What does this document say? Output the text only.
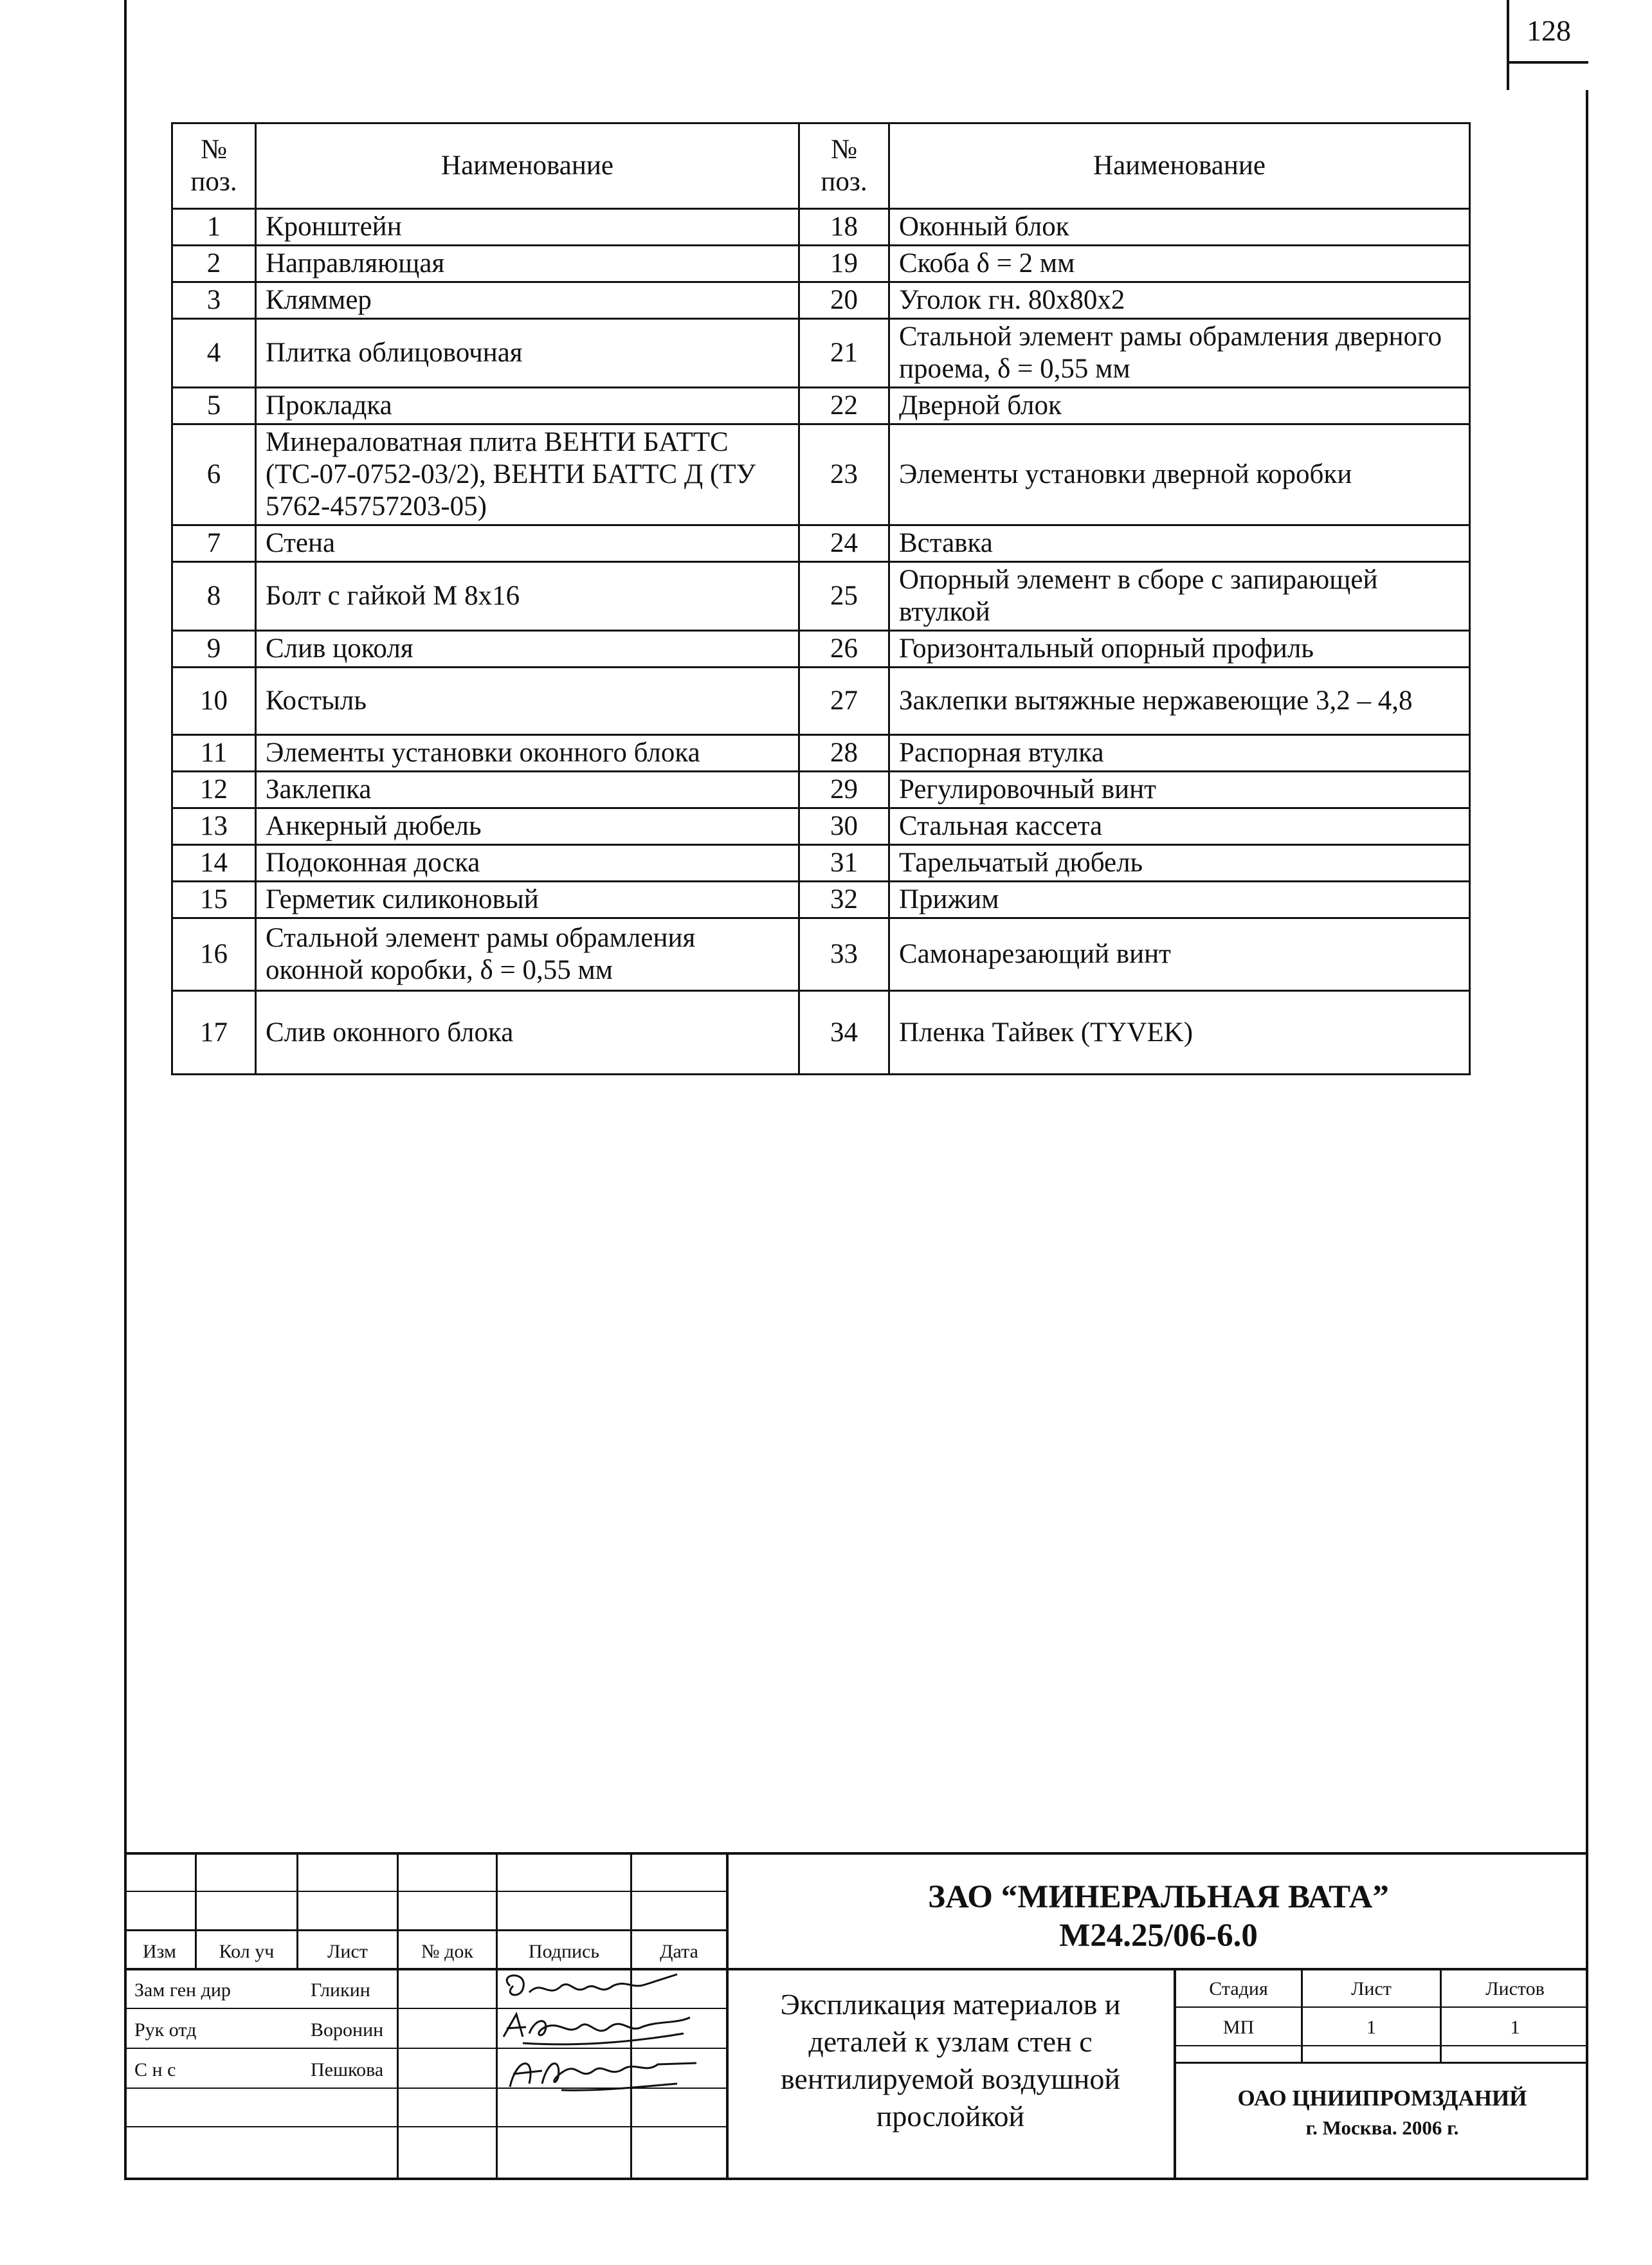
128
№ поз.	Наименование	№ поз.	Наименование
1	Кронштейн	18	Оконный блок
2	Направляющая	19	Скоба δ = 2 мм
3	Кляммер	20	Уголок гн. 80x80x2
4	Плитка облицовочная	21	Стальной элемент рамы обрамления дверного проема, δ = 0,55 мм
5	Прокладка	22	Дверной блок
6	Минераловатная плита ВЕНТИ БАТТС (ТС-07-0752-03/2), ВЕНТИ БАТТС Д (ТУ 5762-45757203-05)	23	Элементы установки дверной коробки
7	Стена	24	Вставка
8	Болт с гайкой М 8x16	25	Опорный элемент в сборе с запирающей втулкой
9	Слив цоколя	26	Горизонтальный опорный профиль
10	Костыль	27	Заклепки вытяжные нержавеющие 3,2 – 4,8
11	Элементы установки оконного блока	28	Распорная втулка
12	Заклепка	29	Регулировочный винт
13	Анкерный дюбель	30	Стальная кассета
14	Подоконная доска	31	Тарельчатый дюбель
15	Герметик силиконовый	32	Прижим
16	Стальной элемент рамы обрамления оконной коробки, δ = 0,55 мм	33	Самонарезающий винт
17	Слив оконного блока	34	Пленка Тайвек (TYVEK)
Изм	Кол уч	Лист	№ док	Подпись	Дата
Зам ген дир	Гликин
Рук отд	Воронин
С н с	Пешкова
ЗАО “МИНЕРАЛЬНАЯ ВАТА”
М24.25/06-6.0
Экспликация материалов и деталей к узлам стен с вентилируемой воздушной прослойкой
Стадия	Лист	Листов
МП	1	1
ОАО ЦНИИПРОМЗДАНИЙ
г. Москва. 2006 г.
